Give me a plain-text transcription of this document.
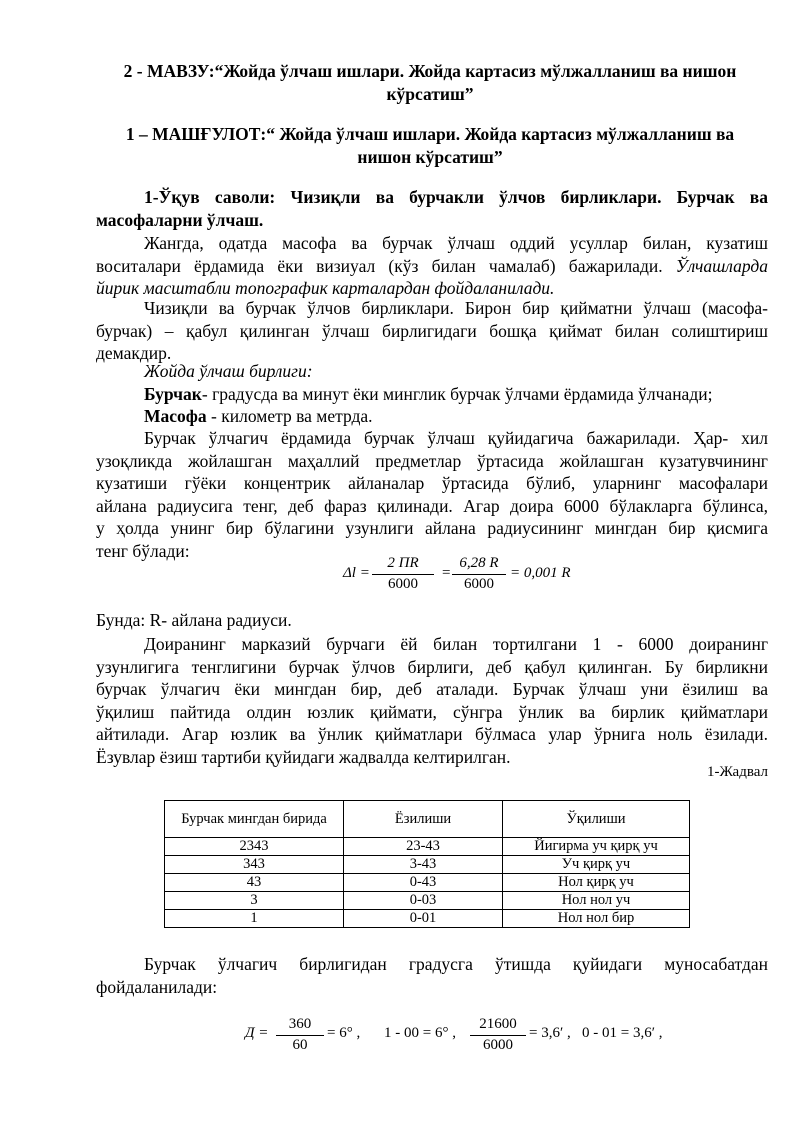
2 - МАВЗУ:“Жойда ўлчаш ишлари. Жойда картасиз мўлжалланиш ва нишон
кўрсатиш”
1 – МАШҒУЛОТ:“ Жойда ўлчаш ишлари. Жойда картасиз мўлжалланиш ва
нишон кўрсатиш”
1-Ўқув саволи: Чизиқли ва бурчакли ўлчов бирликлари. Бурчак ва
масофаларни ўлчаш.
Жангда, одатда масофа ва бурчак ўлчаш оддий усуллар билан, кузатиш
воситалари ёрдамида ёки визиуал (кўз билан чамалаб) бажарилади. Ўлчашларда
йирик масштабли топографик карталардан фойдаланилади.
Чизиқли ва бурчак ўлчов бирликлари. Бирон бир қийматни ўлчаш (масофа-
бурчак) – қабул қилинган ўлчаш бирлигидаги бошқа қиймат билан солиштириш
демакдир.
Жойда ўлчаш бирлиги:
Бурчак- градусда ва минут ёки минглик бурчак ўлчами ёрдамида ўлчанади;
Масофа - километр ва метрда.
Бурчак ўлчагич ёрдамида бурчак ўлчаш қуйидагича бажарилади. Ҳар- хил
узоқликда жойлашган маҳаллий предметлар ўртасида жойлашган кузатувчининг
кузатиши гўёки концентрик айланалар ўртасида бўлиб, уларнинг масофалари
айлана радиусига тенг, деб фараз қилинади. Агар доира 6000 бўлакларга бўлинса,
у ҳолда унинг бир бўлагини узунлиги айлана радиусининг мингдан бир қисмига
тенг бўлади:
Δl =
2 ПR
6000
=
6,28 R
6000
= 0,001 R
Бунда: R- айлана радиуси.
Доиранинг марказий бурчаги ёй билан тортилгани 1 - 6000 доиранинг
узунлигига тенглигини бурчак ўлчов бирлиги, деб қабул қилинган. Бу бирликни
бурчак ўлчагич ёки мингдан бир, деб аталади. Бурчак ўлчаш уни ёзилиш ва
ўқилиш пайтида олдин юзлик қиймати, сўнгра ўнлик ва бирлик қийматлари
айтилади. Агар юзлик ва ўнлик қийматлари бўлмаса улар ўрнига ноль ёзилади.
Ёзувлар ёзиш тартиби қуйидаги жадвалда келтирилган.
1-Жадвал
Бурчак мингдан бирида	Ёзилиши	Ўқилиши
2343	23-43	Йигирма уч қирқ уч
343	3-43	Уч қирқ уч
43	0-43	Нол қирқ уч
3	0-03	Нол нол уч
1	0-01	Нол нол бир
Бурчак ўлчагич бирлигидан градусга ўтишда қуйидаги муносабатдан
фойдаланилади:
Д =
360
60
= 6° , 1 - 00 = 6° ,
21600
6000
= 3,6′ , 0 - 01 = 3,6′ ,
